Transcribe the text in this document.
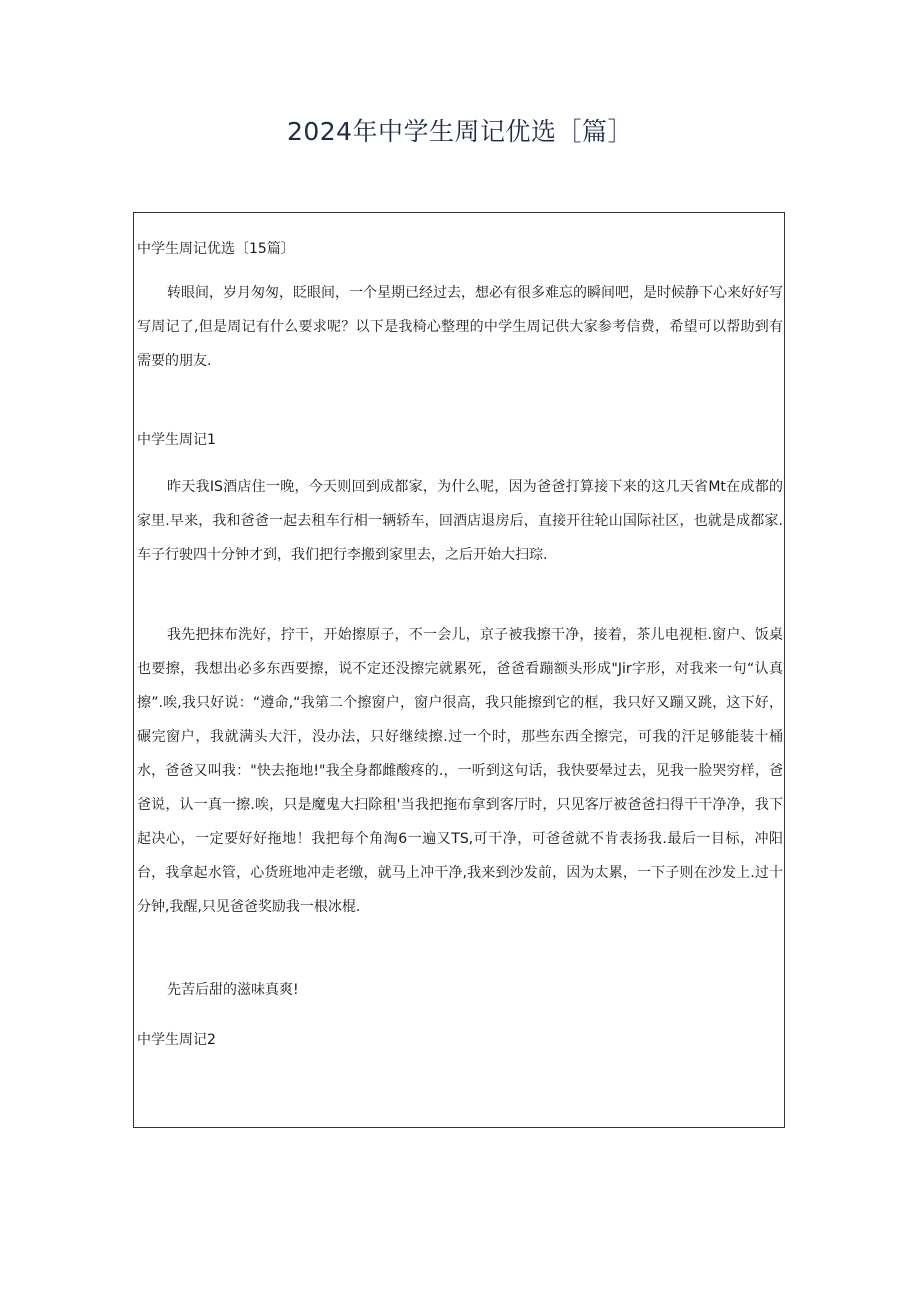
2024年中学生周记优选［篇］
中学生周记优选〔15篇〕

转眼间，岁月匆匆，眨眼间，一个星期已经过去，想必有很多难忘的瞬间吧，是时候静下心来好好写写周记了,但是周记有什么要求呢？以下是我椅心整理的中学生周记供大家参考信费，希望可以帮助到有需要的朋友.

中学生周记1

昨天我IS酒店住一晚，今天则回到成都家，为什么呢，因为爸爸打算接下来的这几天省Mt在成都的家里.早来，我和爸爸一起去租车行相一辆轿车，回酒店退房后，直接开往轮山国际社区，也就是成都家.车子行驶四十分钟才到，我们把行李搬到家里去，之后开始大扫琮.

我先把抹布洗好，拧干，开始擦原子，不一会儿，京子被我擦干净，接着，茶儿电视柜.窗户、饭桌也要擦，我想出必多东西要擦，说不定还没擦完就累死，爸爸看蹦额头形成"Jir字形，对我来一句“认真擦”.唉,我只好说：“遵命,“我第二个擦窗户，窗户很高，我只能擦到它的框，我只好又蹦又跳，这下好，碾完窗户，我就满头大汗，没办法，只好继续擦.过一个时，那些东西全擦完，可我的汗足够能装十桶水，爸爸又叫我："快去拖地!"我全身都雌酸疼的.，一听到这句话，我快要晕过去，见我一脸哭穷样，爸爸说，认一真一擦.唉，只是魔鬼大扫除租'当我把拖布拿到客厅时，只见客厅被爸爸扫得干干净净，我下起决心，一定要好好拖地！我把每个角淘6一遍又TS,可干净，可爸爸就不肯表扬我.最后一目标，冲阳台，我拿起水管，心货班地冲走老缴，就马上冲干净,我来到沙发前，因为太累，一下子则在沙发上.过十分钟,我醒,只见爸爸奖励我一根冰棍.

先苦后甜的滋味真爽!
中学生周记2
